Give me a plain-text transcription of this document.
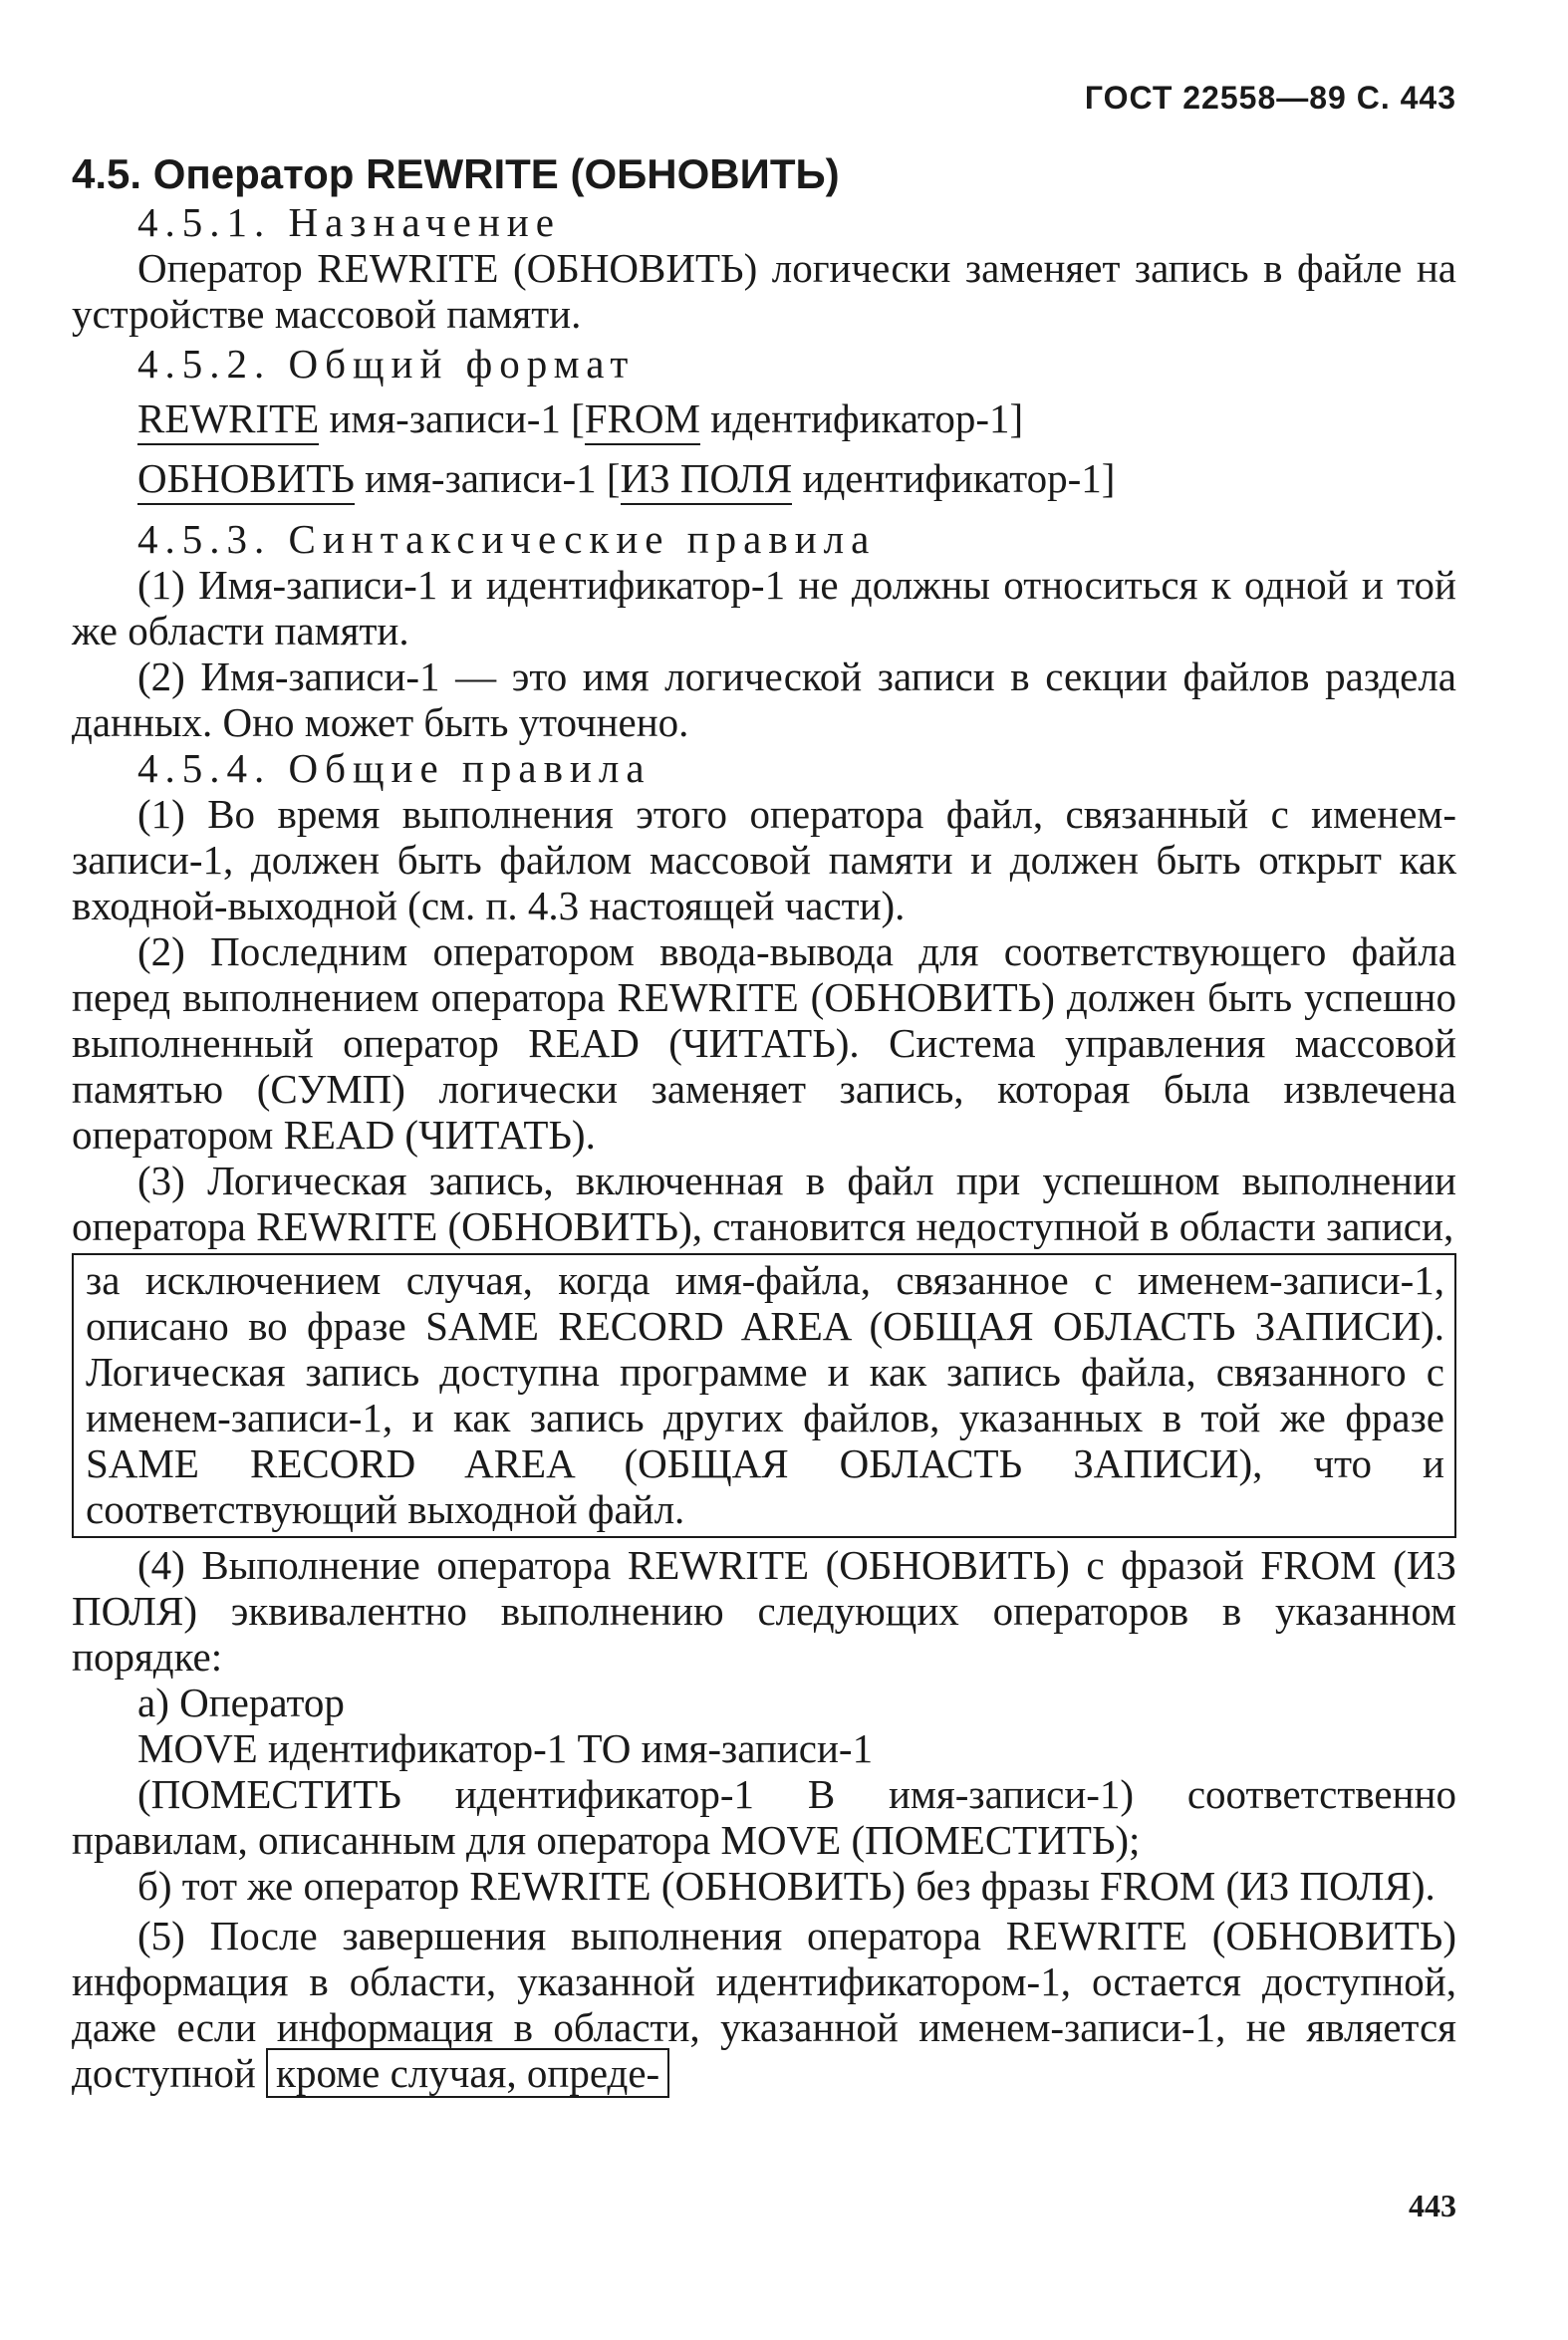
ГОСТ 22558—89 С. 443

4.5. Оператор REWRITE (ОБНОВИТЬ)

4.5.1. Назначение

Оператор REWRITE (ОБНОВИТЬ) логически заменяет запись в файле на устройстве массовой памяти.

4.5.2. Общий формат

REWRITE имя-записи-1 [FROM идентификатор-1]
ОБНОВИТЬ имя-записи-1 [ИЗ ПОЛЯ идентификатор-1]

4.5.3. Синтаксические правила

(1) Имя-записи-1 и идентификатор-1 не должны относиться к одной и той же области памяти.

(2) Имя-записи-1 — это имя логической записи в секции файлов раздела данных. Оно может быть уточнено.

4.5.4. Общие правила

(1) Во время выполнения этого оператора файл, связанный с именем-записи-1, должен быть файлом массовой памяти и должен быть открыт как входной-выходной (см. п. 4.3 настоящей части).

(2) Последним оператором ввода-вывода для соответствующего файла перед выполнением оператора REWRITE (ОБНОВИТЬ) должен быть успешно выполненный оператор READ (ЧИТАТЬ). Система управления массовой памятью (СУМП) логически заменяет запись, которая была извлечена оператором READ (ЧИТАТЬ).

(3) Логическая запись, включенная в файл при успешном выполнении оператора REWRITE (ОБНОВИТЬ), становится недоступной в области записи,

за исключением случая, когда имя-файла, связанное с именем-записи-1, описано во фразе SAME RECORD AREA (ОБЩАЯ ОБЛАСТЬ ЗАПИСИ). Логическая запись доступна программе и как запись файла, связанного с именем-записи-1, и как запись других файлов, указанных в той же фразе SAME RECORD AREA (ОБЩАЯ ОБЛАСТЬ ЗАПИСИ), что и соответствующий выходной файл.

(4) Выполнение оператора REWRITE (ОБНОВИТЬ) с фразой FROM (ИЗ ПОЛЯ) эквивалентно выполнению следующих операторов в указанном порядке:

а) Оператор

MOVE идентификатор-1 TO имя-записи-1

(ПОМЕСТИТЬ идентификатор-1 В имя-записи-1) соответственно правилам, описанным для оператора MOVE (ПОМЕСТИТЬ);

б) тот же оператор REWRITE (ОБНОВИТЬ) без фразы FROM (ИЗ ПОЛЯ).

(5) После завершения выполнения оператора REWRITE (ОБНОВИТЬ) информация в области, указанной идентификатором-1, остается доступной, даже если информация в области, указанной именем-записи-1, не является доступной кроме случая, опреде-

443
